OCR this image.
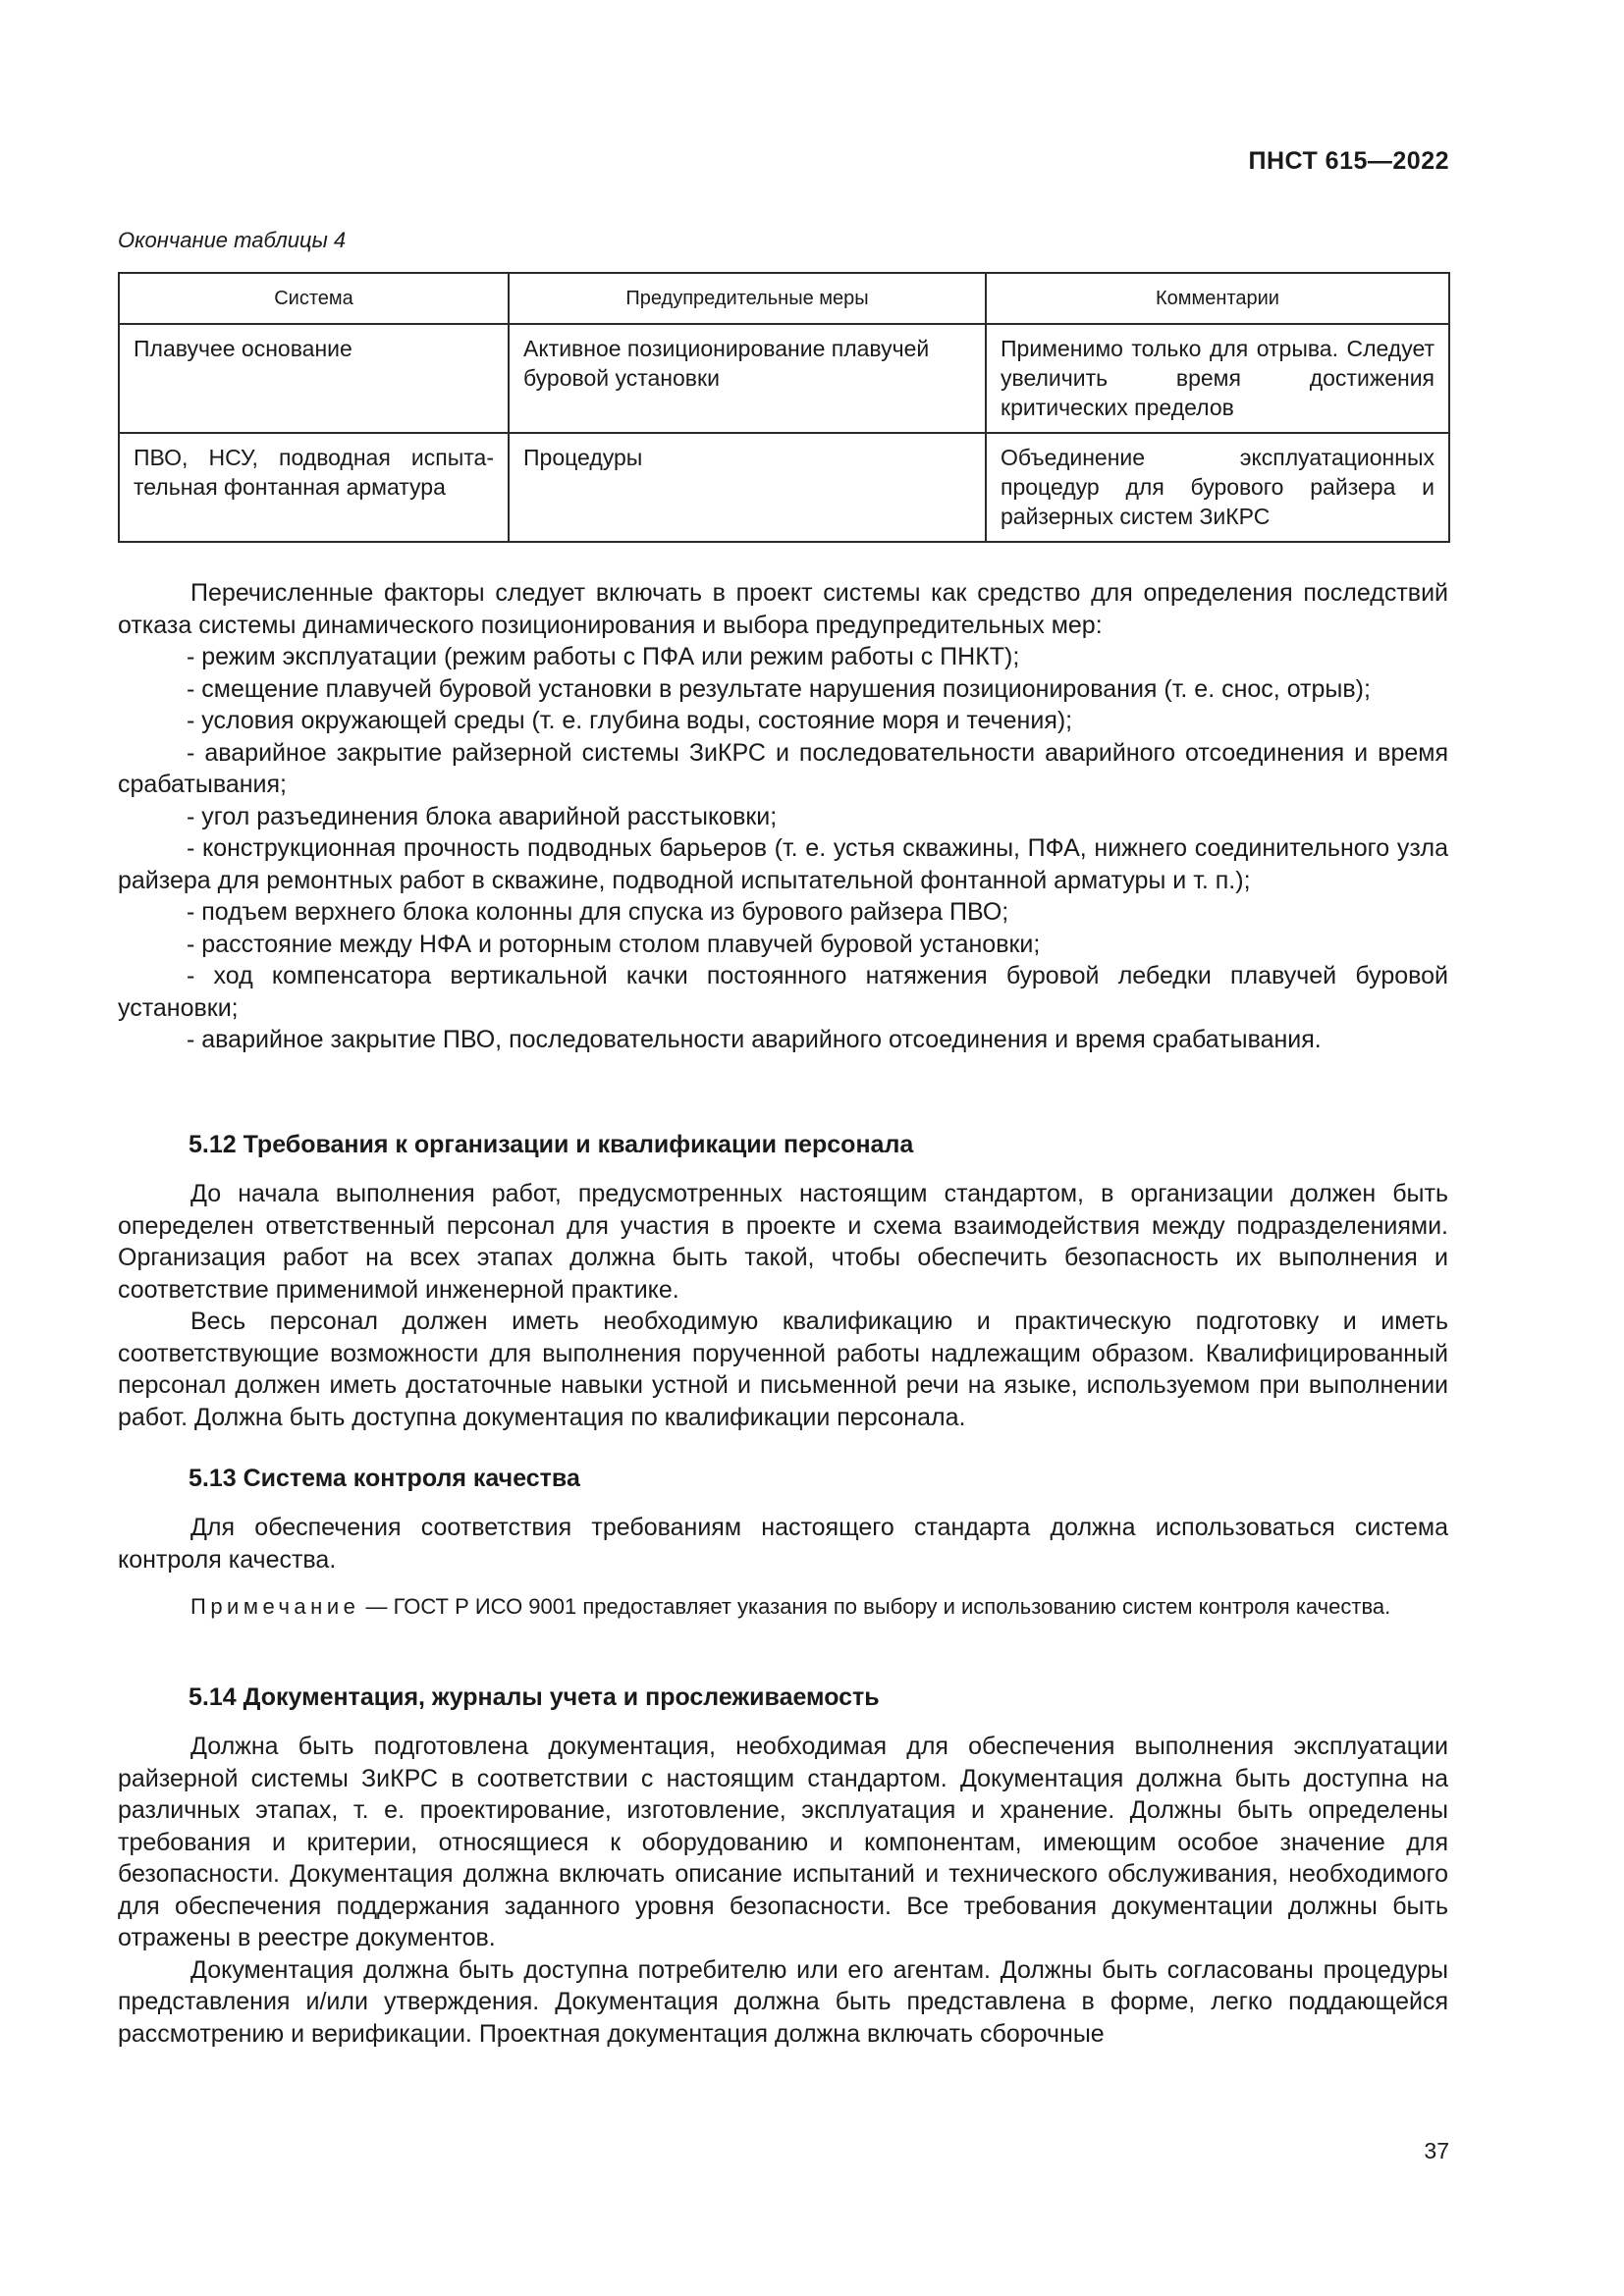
ПНСТ 615—2022
Окончание таблицы 4
Система	Предупредительные меры	Комментарии
Плавучее основание	Активное позиционирование плавучей буровой установки	Применимо только для отрыва. Следует увеличить время достижения критических пределов
ПВО, НСУ, подводная испытательная фонтанная арматура	Процедуры	Объединение эксплуатационных процедур для бурового райзера и райзерных систем ЗиКРС

Перечисленные факторы следует включать в проект системы как средство для определения последствий отказа системы динамического позиционирования и выбора предупредительных мер:

- режим эксплуатации (режим работы с ПФА или режим работы с ПНКТ);

- смещение плавучей буровой установки в результате нарушения позиционирования (т. е. снос, отрыв);

- условия окружающей среды (т. е. глубина воды, состояние моря и течения);

- аварийное закрытие райзерной системы ЗиКРС и последовательности аварийного отсоединения и время срабатывания;

- угол разъединения блока аварийной расстыковки;

- конструкционная прочность подводных барьеров (т. е. устья скважины, ПФА, нижнего соединительного узла райзера для ремонтных работ в скважине, подводной испытательной фонтанной арматуры и т. п.);

- подъем верхнего блока колонны для спуска из бурового райзера ПВО;

- расстояние между НФА и роторным столом плавучей буровой установки;

- ход компенсатора вертикальной качки постоянного натяжения буровой лебедки плавучей буровой установки;

- аварийное закрытие ПВО, последовательности аварийного отсоединения и время срабатывания.

5.12 Требования к организации и квалификации персонала

До начала выполнения работ, предусмотренных настоящим стандартом, в организации должен быть опеределен ответственный персонал для участия в проекте и схема взаимодействия между подразделениями. Организация работ на всех этапах должна быть такой, чтобы обеспечить безопасность их выполнения и соответствие применимой инженерной практике.

Весь персонал должен иметь необходимую квалификацию и практическую подготовку и иметь соответствующие возможности для выполнения порученной работы надлежащим образом. Квалифицированный персонал должен иметь достаточные навыки устной и письменной речи на языке, используемом при выполнении работ. Должна быть доступна документация по квалификации персонала.

5.13 Система контроля качества

Для обеспечения соответствия требованиям настоящего стандарта должна использоваться система контроля качества.

Примечание — ГОСТ Р ИСО 9001 предоставляет указания по выбору и использованию систем контроля качества.

5.14 Документация, журналы учета и прослеживаемость

Должна быть подготовлена документация, необходимая для обеспечения выполнения эксплуатации райзерной системы ЗиКРС в соответствии с настоящим стандартом. Документация должна быть доступна на различных этапах, т. е. проектирование, изготовление, эксплуатация и хранение. Должны быть определены требования и критерии, относящиеся к оборудованию и компонентам, имеющим особое значение для безопасности. Документация должна включать описание испытаний и технического обслуживания, необходимого для обеспечения поддержания заданного уровня безопасности. Все требования документации должны быть отражены в реестре документов.

Документация должна быть доступна потребителю или его агентам. Должны быть согласованы процедуры представления и/или утверждения. Документация должна быть представлена в форме, легко поддающейся рассмотрению и верификации. Проектная документация должна включать сборочные

37
